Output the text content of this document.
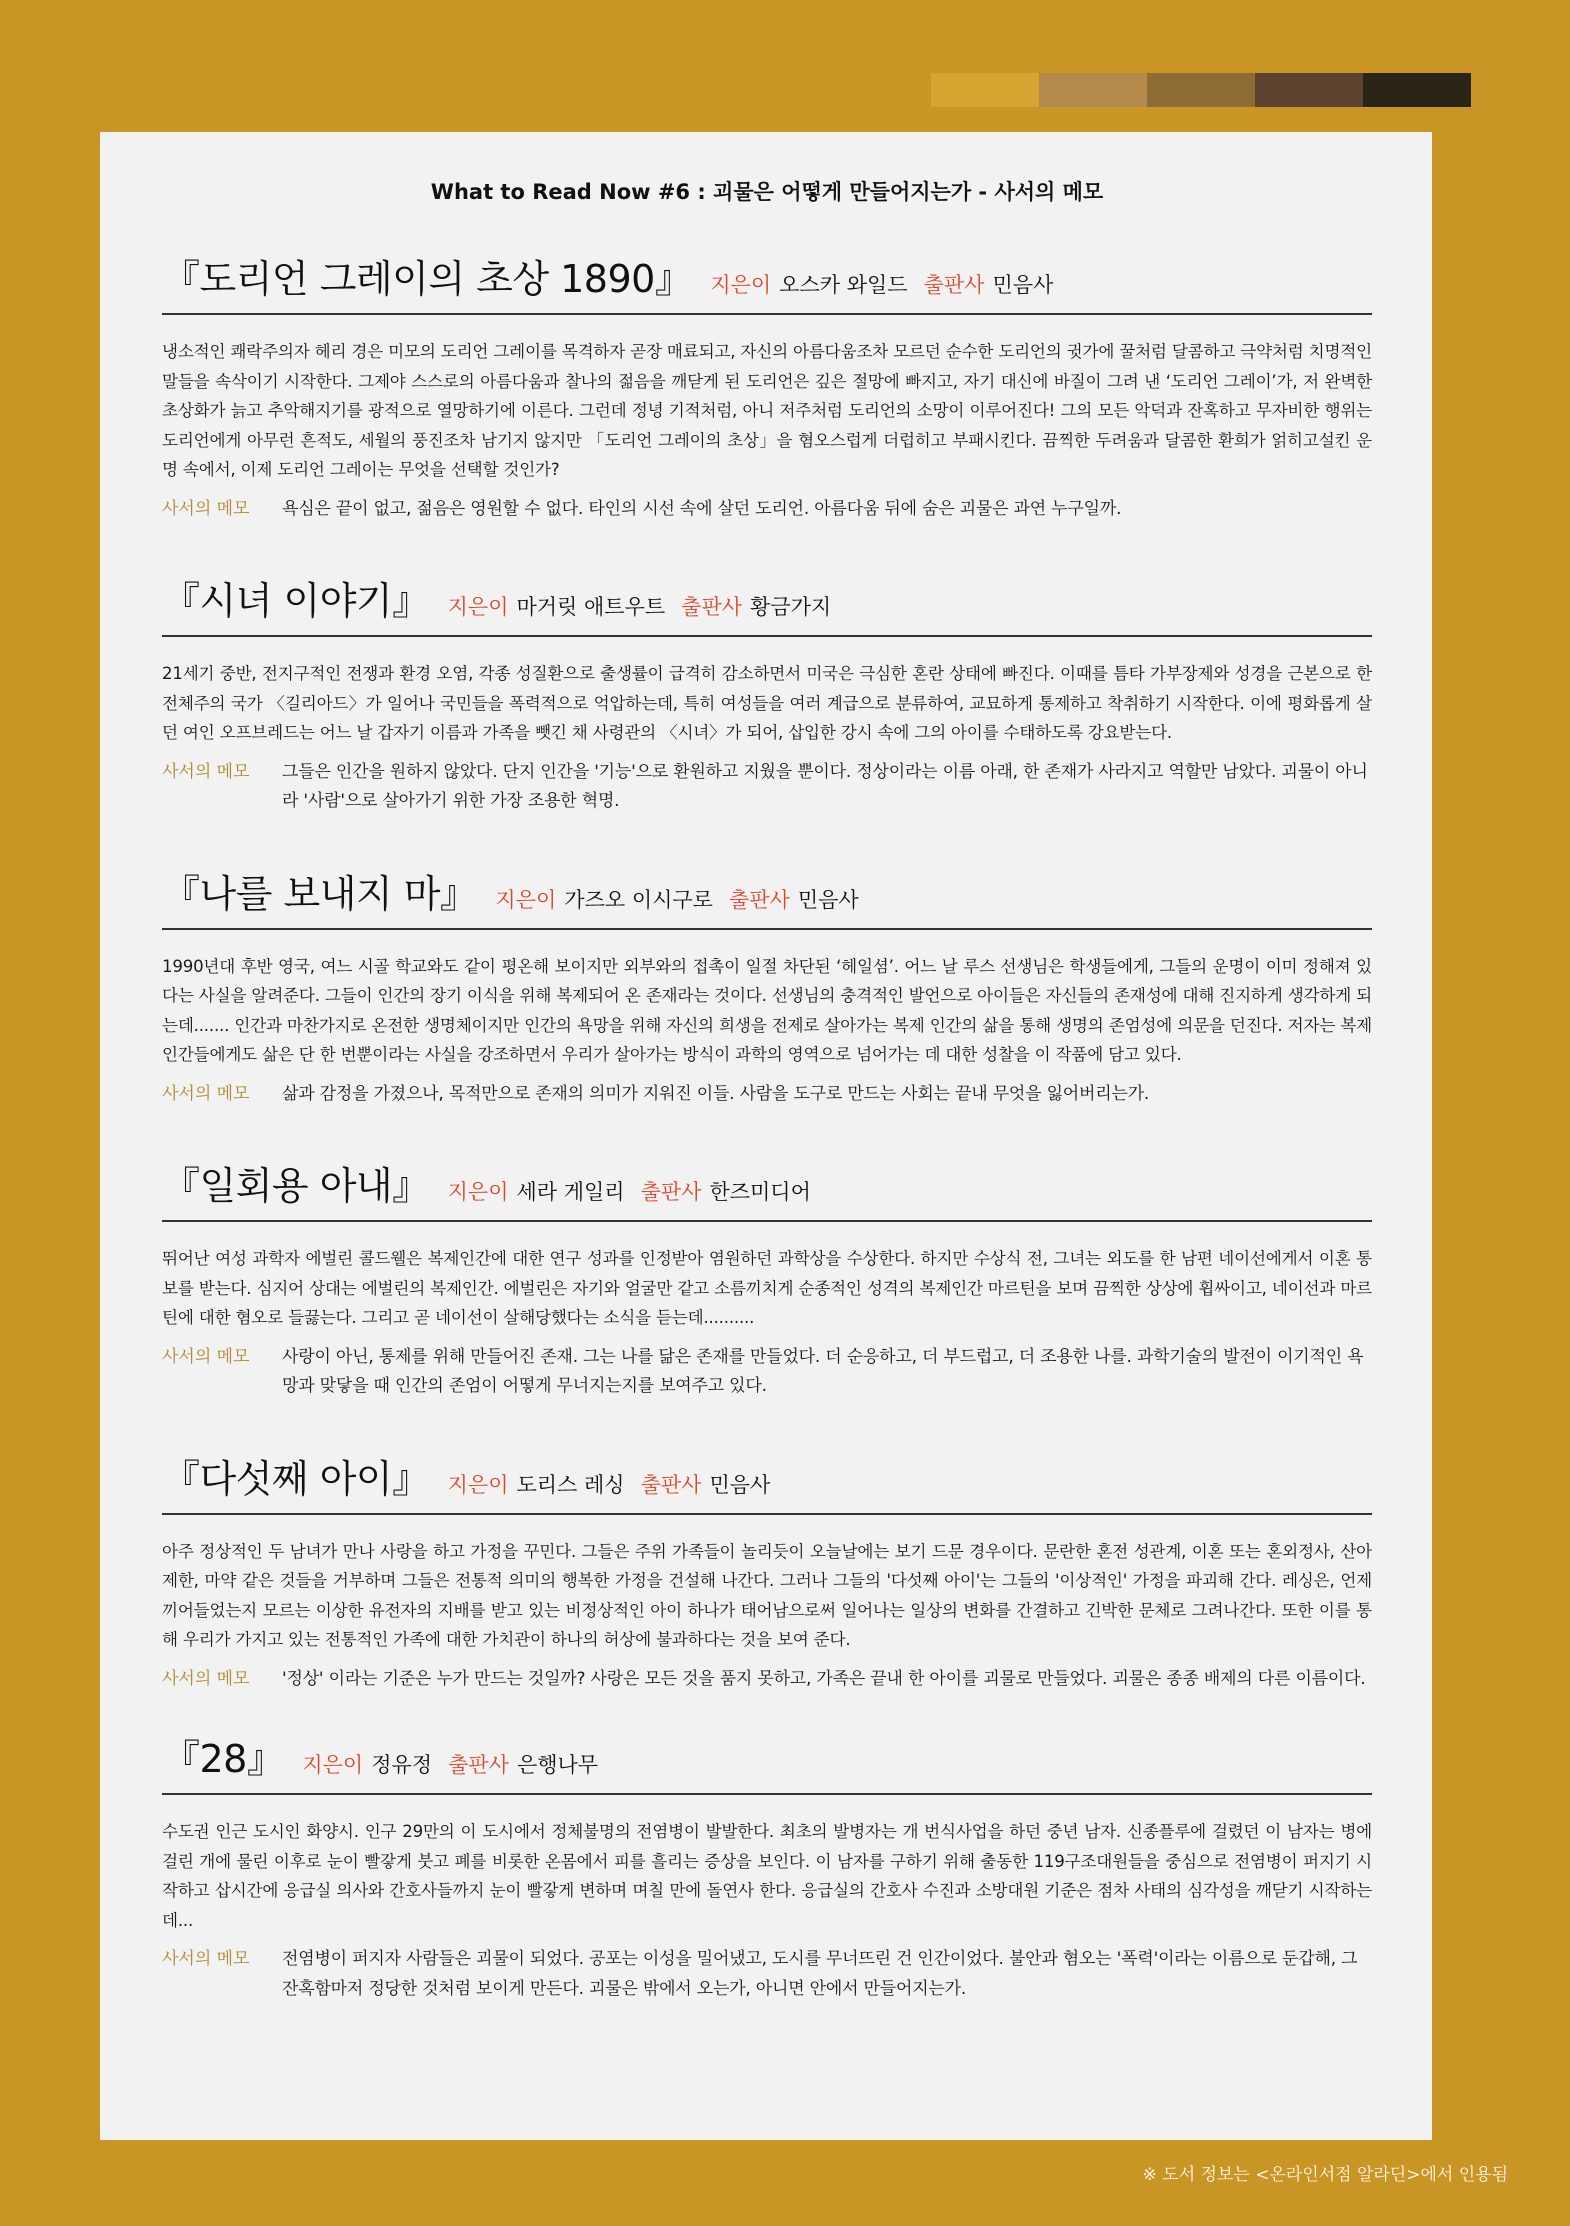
What to Read Now #6 : 괴물은 어떻게 만들어지는가 - 사서의 메모
『도리언 그레이의 초상 1890』 지은이 오스카 와일드 출판사 민음사

냉소적인 쾌락주의자 헤리 경은 미모의 도리언 그레이를 목격하자 곧장 매료되고, 자신의 아름다움조차 모르던 순수한 도리언의 귓가에 꿀처럼 달콤하고 극약처럼 치명적인 말들을 속삭이기 시작한다. 그제야 스스로의 아름다움과 찰나의 젊음을 깨닫게 된 도리언은 깊은 절망에 빠지고, 자기 대신에 바질이 그려 낸 ‘도리언 그레이’가, 저 완벽한 초상화가 늙고 추악해지기를 광적으로 열망하기에 이른다. 그런데 정녕 기적처럼, 아니 저주처럼 도리언의 소망이 이루어진다! 그의 모든 악덕과 잔혹하고 무자비한 행위는 도리언에게 아무런 흔적도, 세월의 풍진조차 남기지 않지만 「도리언 그레이의 초상」을 혐오스럽게 더럽히고 부패시킨다. 끔찍한 두려움과 달콤한 환희가 얽히고설킨 운명 속에서, 이제 도리언 그레이는 무엇을 선택할 것인가?

사서의 메모	욕심은 끝이 없고, 젊음은 영원할 수 없다. 타인의 시선 속에 살던 도리언. 아름다움 뒤에 숨은 괴물은 과연 누구일까.
『시녀 이야기』 지은이 마거릿 애트우트 출판사 황금가지

21세기 중반, 전지구적인 전쟁과 환경 오염, 각종 성질환으로 출생률이 급격히 감소하면서 미국은 극심한 혼란 상태에 빠진다. 이때를 틈타 가부장제와 성경을 근본으로 한 전체주의 국가 〈길리아드〉가 일어나 국민들을 폭력적으로 억압하는데, 특히 여성들을 여러 계급으로 분류하여, 교묘하게 통제하고 착취하기 시작한다. 이에 평화롭게 살던 여인 오프브레드는 어느 날 갑자기 이름과 가족을 뺏긴 채 사령관의 〈시녀〉가 되어, 삽입한 강시 속에 그의 아이를 수태하도록 강요받는다.

사서의 메모	그들은 인간을 원하지 않았다. 단지 인간을 '기능'으로 환원하고 지웠을 뿐이다. 정상이라는 이름 아래, 한 존재가 사라지고 역할만 남았다. 괴물이 아니라 '사람'으로 살아가기 위한 가장 조용한 혁명.
『나를 보내지 마』 지은이 가즈오 이시구로 출판사 민음사

1990년대 후반 영국, 여느 시골 학교와도 같이 평온해 보이지만 외부와의 접촉이 일절 차단된 ‘헤일셤’. 어느 날 루스 선생님은 학생들에게, 그들의 운명이 이미 정해져 있다는 사실을 알려준다. 그들이 인간의 장기 이식을 위해 복제되어 온 존재라는 것이다. 선생님의 충격적인 발언으로 아이들은 자신들의 존재성에 대해 진지하게 생각하게 되는데....... 인간과 마찬가지로 온전한 생명체이지만 인간의 욕망을 위해 자신의 희생을 전제로 살아가는 복제 인간의 삶을 통해 생명의 존엄성에 의문을 던진다. 저자는 복제 인간들에게도 삶은 단 한 번뿐이라는 사실을 강조하면서 우리가 살아가는 방식이 과학의 영역으로 넘어가는 데 대한 성찰을 이 작품에 담고 있다.

사서의 메모	삶과 감정을 가졌으나, 목적만으로 존재의 의미가 지워진 이들. 사람을 도구로 만드는 사회는 끝내 무엇을 잃어버리는가.
『일회용 아내』 지은이 세라 게일리 출판사 한즈미디어

뛰어난 여성 과학자 에벌린 콜드웰은 복제인간에 대한 연구 성과를 인정받아 염원하던 과학상을 수상한다. 하지만 수상식 전, 그녀는 외도를 한 남편 네이선에게서 이혼 통보를 받는다. 심지어 상대는 에벌린의 복제인간. 에벌린은 자기와 얼굴만 같고 소름끼치게 순종적인 성격의 복제인간 마르틴을 보며 끔찍한 상상에 휩싸이고, 네이선과 마르틴에 대한 혐오로 들끓는다. 그리고 곧 네이선이 살해당했다는 소식을 듣는데..........

사서의 메모	사랑이 아닌, 통제를 위해 만들어진 존재. 그는 나를 닮은 존재를 만들었다. 더 순응하고, 더 부드럽고, 더 조용한 나를. 과학기술의 발전이 이기적인 욕망과 맞닿을 때 인간의 존엄이 어떻게 무너지는지를 보여주고 있다.
『다섯째 아이』 지은이 도리스 레싱 출판사 민음사

아주 정상적인 두 남녀가 만나 사랑을 하고 가정을 꾸민다. 그들은 주위 가족들이 놀리듯이 오늘날에는 보기 드문 경우이다. 문란한 혼전 성관계, 이혼 또는 혼외정사, 산아 제한, 마약 같은 것들을 거부하며 그들은 전통적 의미의 행복한 가정을 건설해 나간다. 그러나 그들의 '다섯째 아이'는 그들의 '이상적인' 가정을 파괴해 간다. 레싱은, 언제 끼어들었는지 모르는 이상한 유전자의 지배를 받고 있는 비정상적인 아이 하나가 태어남으로써 일어나는 일상의 변화를 간결하고 긴박한 문체로 그려나간다. 또한 이를 통해 우리가 가지고 있는 전통적인 가족에 대한 가치관이 하나의 허상에 불과하다는 것을 보여 준다.

사서의 메모	'정상' 이라는 기준은 누가 만드는 것일까? 사랑은 모든 것을 품지 못하고, 가족은 끝내 한 아이를 괴물로 만들었다. 괴물은 종종 배제의 다른 이름이다.
『28』 지은이 정유정 출판사 은행나무

수도권 인근 도시인 화양시. 인구 29만의 이 도시에서 정체불명의 전염병이 발발한다. 최초의 발병자는 개 번식사업을 하던 중년 남자. 신종플루에 걸렸던 이 남자는 병에 걸린 개에 물린 이후로 눈이 빨갛게 붓고 폐를 비롯한 온몸에서 피를 흘리는 증상을 보인다. 이 남자를 구하기 위해 출동한 119구조대원들을 중심으로 전염병이 퍼지기 시작하고 삽시간에 응급실 의사와 간호사들까지 눈이 빨갛게 변하며 며칠 만에 돌연사 한다. 응급실의 간호사 수진과 소방대원 기준은 점차 사태의 심각성을 깨닫기 시작하는데...

사서의 메모	전염병이 퍼지자 사람들은 괴물이 되었다. 공포는 이성을 밀어냈고, 도시를 무너뜨린 건 인간이었다. 불안과 혐오는 '폭력'이라는 이름으로 둔갑해, 그 잔혹함마저 정당한 것처럼 보이게 만든다. 괴물은 밖에서 오는가, 아니면 안에서 만들어지는가.
※ 도서 정보는 <온라인서점 알라딘>에서 인용됨
